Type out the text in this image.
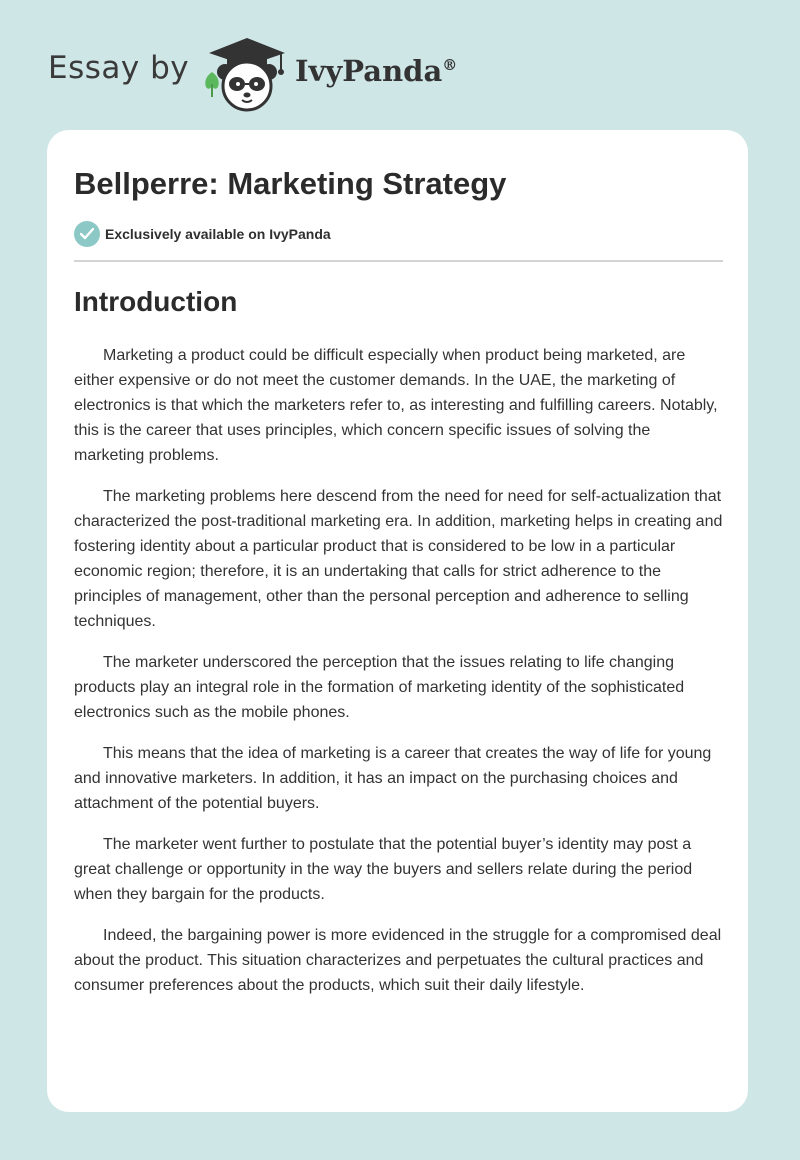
Essay by	IvyPanda®
Bellperre: Marketing Strategy
Exclusively available on IvyPanda
Introduction

Marketing a product could be difficult especially when product being marketed, are either expensive or do not meet the customer demands. In the UAE, the marketing of electronics is that which the marketers refer to, as interesting and fulfilling careers. Notably, this is the career that uses principles, which concern specific issues of solving the marketing problems.

The marketing problems here descend from the need for need for self-actualization that characterized the post-traditional marketing era. In addition, marketing helps in creating and fostering identity about a particular product that is considered to be low in a particular economic region; therefore, it is an undertaking that calls for strict adherence to the principles of management, other than the personal perception and adherence to selling techniques.

The marketer underscored the perception that the issues relating to life changing products play an integral role in the formation of marketing identity of the sophisticated electronics such as the mobile phones.

This means that the idea of marketing is a career that creates the way of life for young and innovative marketers. In addition, it has an impact on the purchasing choices and attachment of the potential buyers.

The marketer went further to postulate that the potential buyer’s identity may post a great challenge or opportunity in the way the buyers and sellers relate during the period when they bargain for the products.

Indeed, the bargaining power is more evidenced in the struggle for a compromised deal about the product. This situation characterizes and perpetuates the cultural practices and consumer preferences about the products, which suit their daily lifestyle.
